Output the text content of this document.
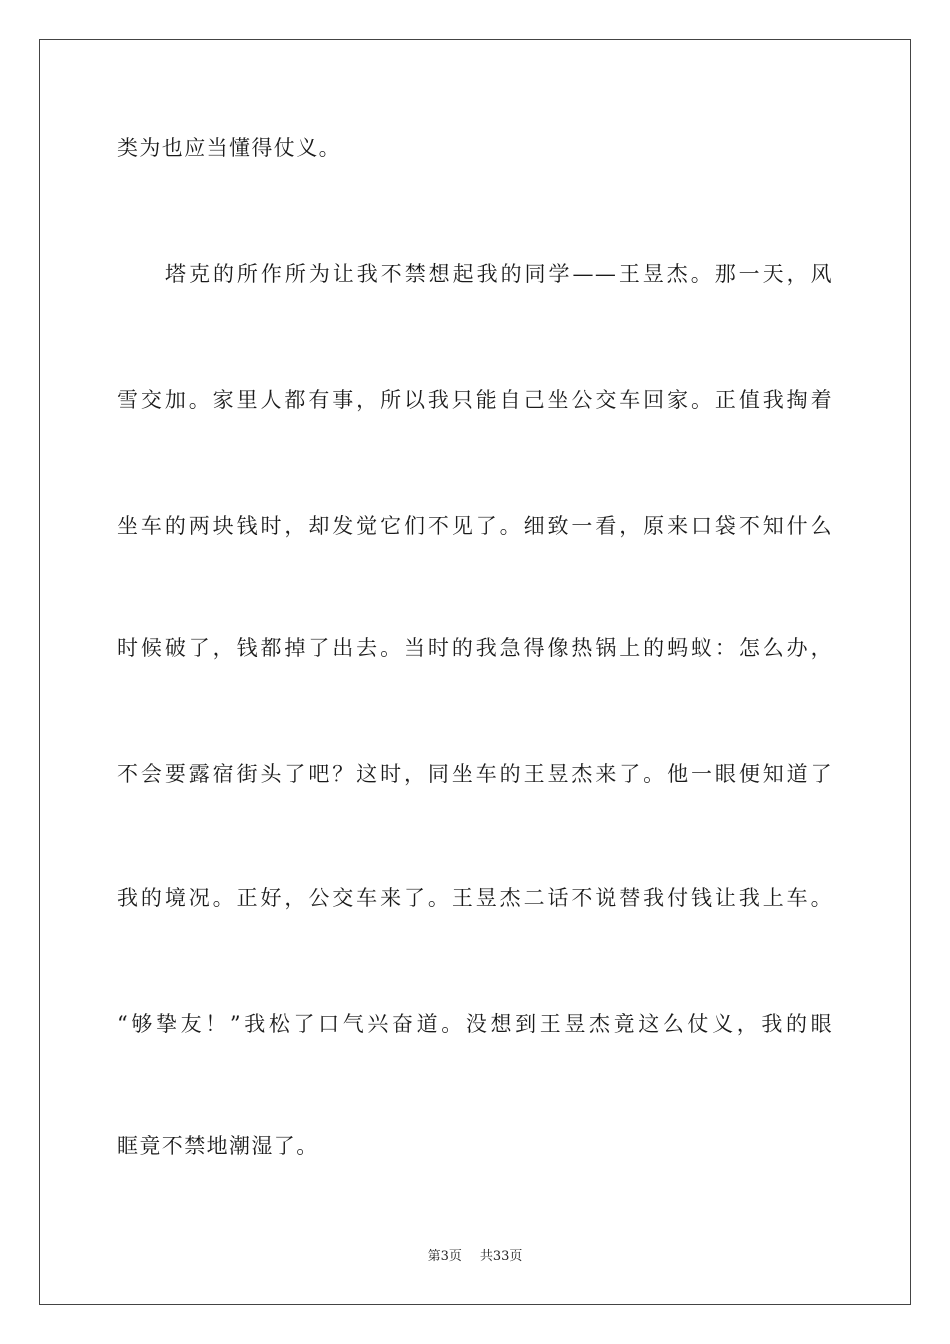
类为也应当懂得仗义。
塔克的所作所为让我不禁想起我的同学——王昱杰。那一天，风
雪交加。家里人都有事，所以我只能自己坐公交车回家。正值我掏着
坐车的两块钱时，却发觉它们不见了。细致一看，原来口袋不知什么
时候破了，钱都掉了出去。当时的我急得像热锅上的蚂蚁：怎么办，
不会要露宿街头了吧？这时，同坐车的王昱杰来了。他一眼便知道了
我的境况。正好，公交车来了。王昱杰二话不说替我付钱让我上车。
“够挚友！”我松了口气兴奋道。没想到王昱杰竟这么仗义，我的眼
眶竟不禁地潮湿了。
第3页 共33页
